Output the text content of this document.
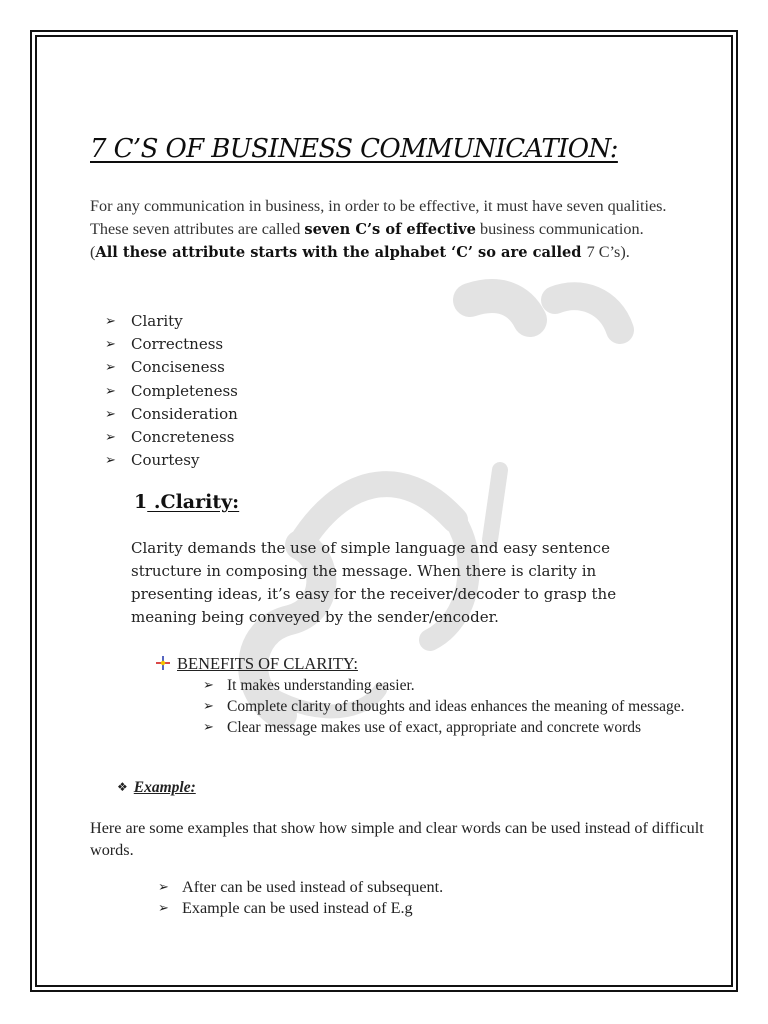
7 C’S OF BUSINESS COMMUNICATION:

For any communication in business, in order to be effective, it must have seven qualities. These seven attributes are called seven C’s of effective business communication. (All these attribute starts with the alphabet ‘C’ so are called 7 C’s).

➢ Clarity
➢ Correctness
➢ Conciseness
➢ Completeness
➢ Consideration
➢ Concreteness
➢ Courtesy
1 .Clarity:

Clarity demands the use of simple language and easy sentence structure in composing the message. When there is clarity in presenting ideas, it’s easy for the receiver/decoder to grasp the meaning being conveyed by the sender/encoder.

BENEFITS OF CLARITY:
➢ It makes understanding easier.
➢ Complete clarity of thoughts and ideas enhances the meaning of message.
➢ Clear message makes use of exact, appropriate and concrete words

❖ Example:

Here are some examples that show how simple and clear words can be used instead of difficult words.

➢ After can be used instead of subsequent.
➢ Example can be used instead of E.g
